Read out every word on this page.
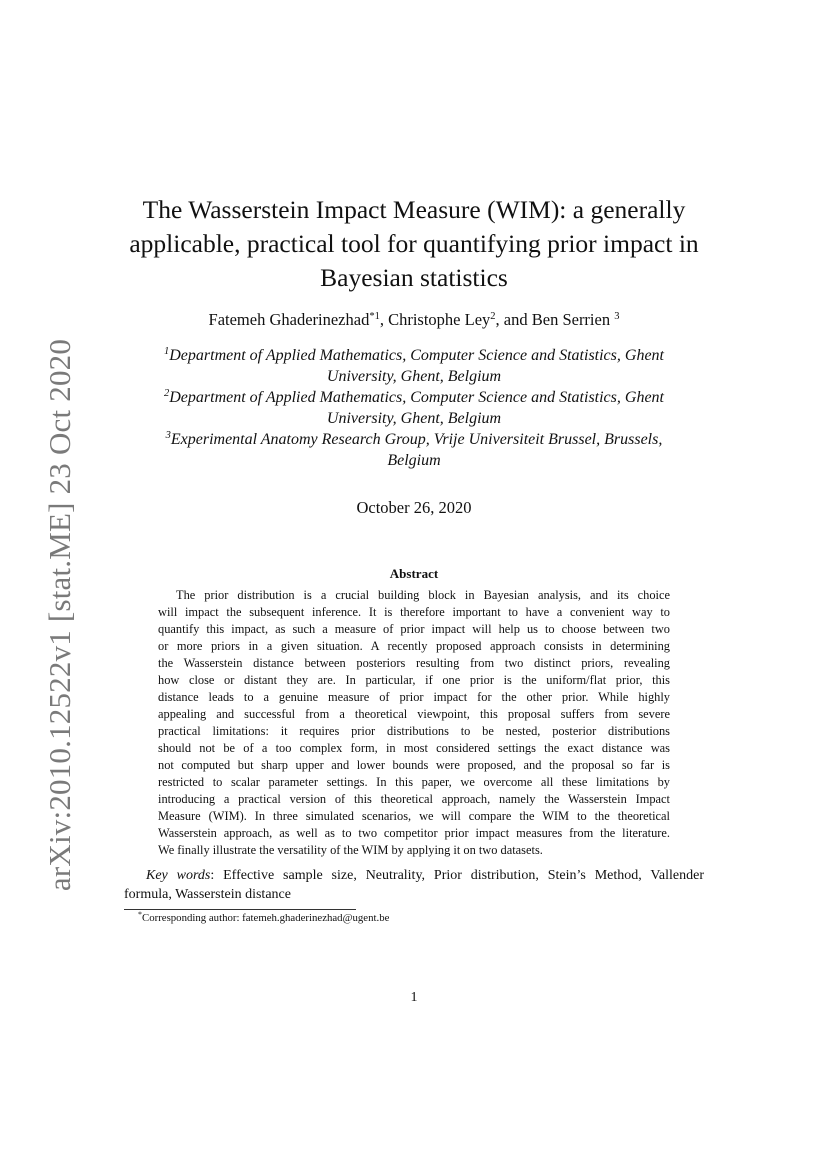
arXiv:2010.12522v1 [stat.ME] 23 Oct 2020
The Wasserstein Impact Measure (WIM): a generally
applicable, practical tool for quantifying prior impact in
Bayesian statistics
Fatemeh Ghaderinezhad$^{*1}$, Christophe Ley$^2$, and Ben Serrien $^3$
$^1$Department of Applied Mathematics, Computer Science and Statistics, Ghent
University, Ghent, Belgium
$^2$Department of Applied Mathematics, Computer Science and Statistics, Ghent
University, Ghent, Belgium
$^3$Experimental Anatomy Research Group, Vrije Universiteit Brussel, Brussels,
Belgium
October 26, 2020
Abstract
The prior distribution is a crucial building block in Bayesian analysis, and its choice
will impact the subsequent inference. It is therefore important to have a convenient way to
quantify this impact, as such a measure of prior impact will help us to choose between two
or more priors in a given situation. A recently proposed approach consists in determining
the Wasserstein distance between posteriors resulting from two distinct priors, revealing
how close or distant they are. In particular, if one prior is the uniform/flat prior, this
distance leads to a genuine measure of prior impact for the other prior. While highly
appealing and successful from a theoretical viewpoint, this proposal suffers from severe
practical limitations: it requires prior distributions to be nested, posterior distributions
should not be of a too complex form, in most considered settings the exact distance was
not computed but sharp upper and lower bounds were proposed, and the proposal so far is
restricted to scalar parameter settings. In this paper, we overcome all these limitations by
introducing a practical version of this theoretical approach, namely the Wasserstein Impact
Measure (WIM). In three simulated scenarios, we will compare the WIM to the theoretical
Wasserstein approach, as well as to two competitor prior impact measures from the literature.
We finally illustrate the versatility of the WIM by applying it on two datasets.
Key words: Effective sample size, Neutrality, Prior distribution, Stein’s Method, Vallender
formula, Wasserstein distance
*Corresponding author: fatemeh.ghaderinezhad@ugent.be
1
